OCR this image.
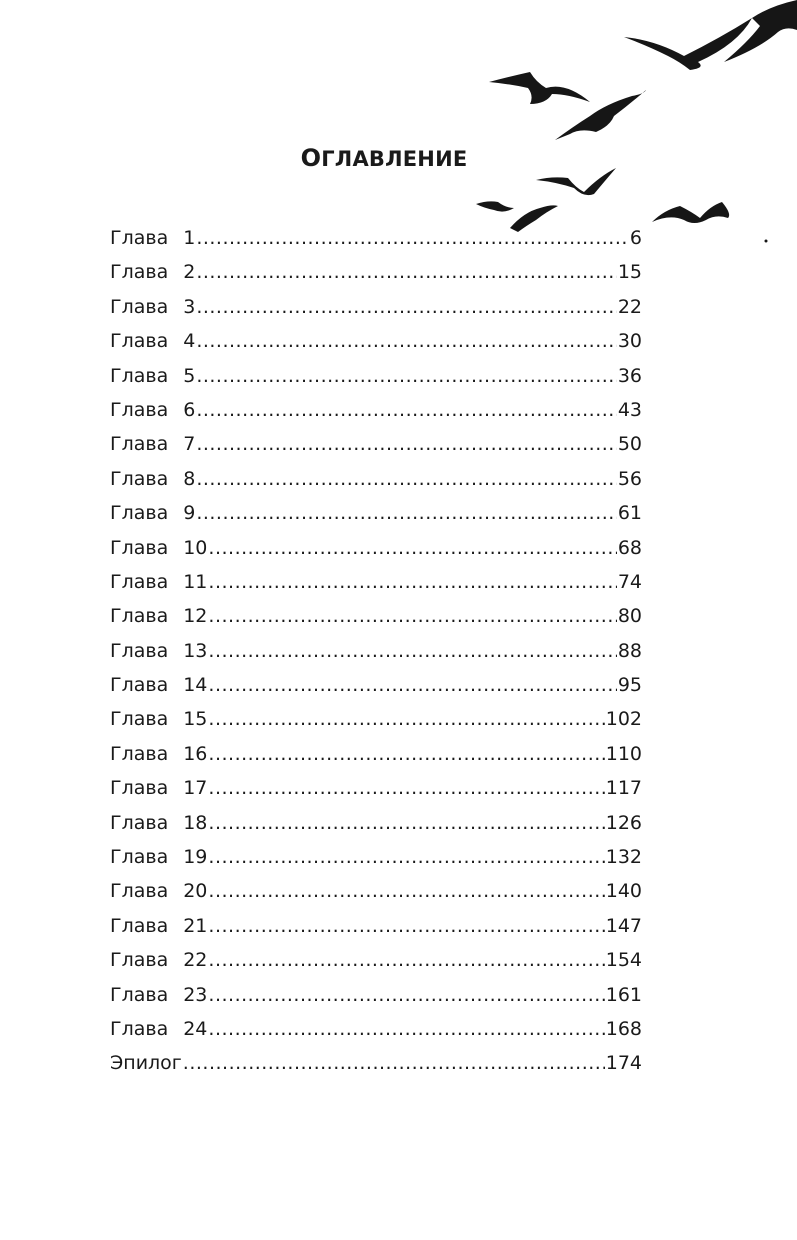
ОГЛАВЛЕНИЕ
Глава 1 .....	6
Глава 2 .....	15
Глава 3 .....	22
Глава 4 .....	30
Глава 5 .....	36
Глава 6 .....	43
Глава 7 .....	50
Глава 8 .....	56
Глава 9 .....	61
Глава 10 .....	68
Глава 11 .....	74
Глава 12 .....	80
Глава 13 .....	88
Глава 14 .....	95
Глава 15 .....	102
Глава 16 .....	110
Глава 17 .....	117
Глава 18 .....	126
Глава 19 .....	132
Глава 20 .....	140
Глава 21 .....	147
Глава 22 .....	154
Глава 23 .....	161
Глава 24 .....	168
Эпилог .....	174
